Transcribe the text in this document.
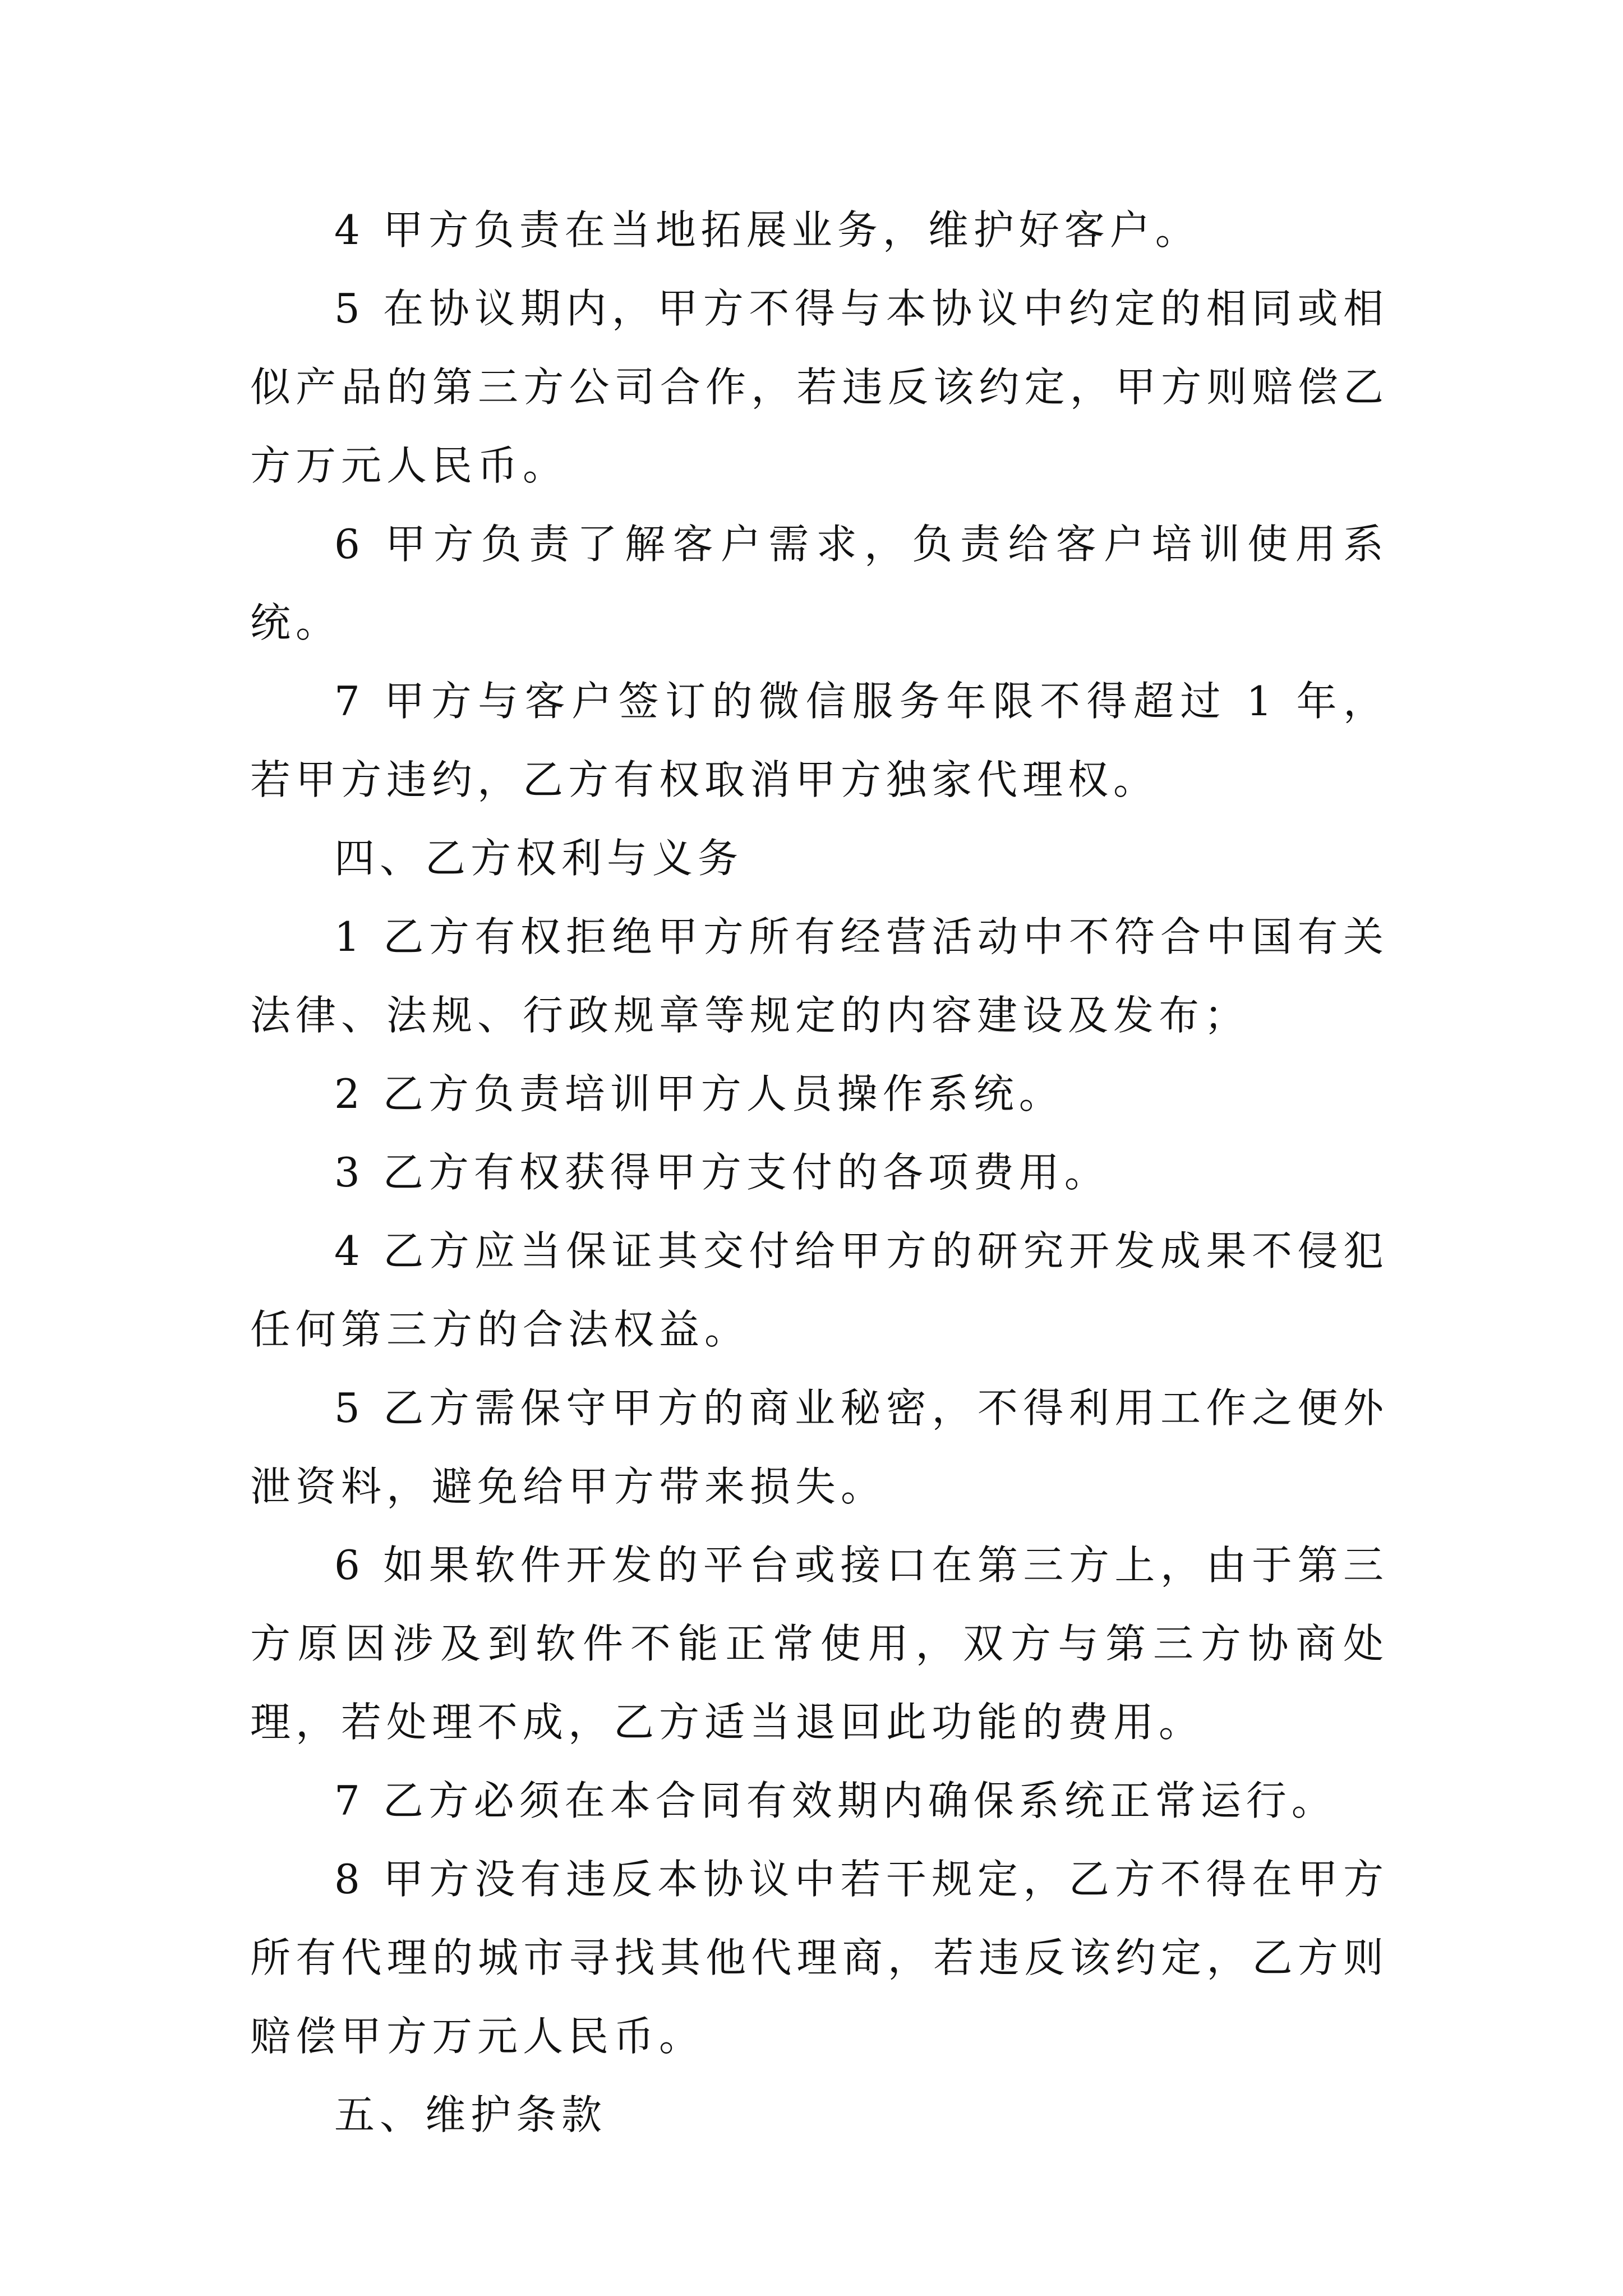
4 甲方负责在当地拓展业务，维护好客户。

5 在协议期内，甲方不得与本协议中约定的相同或相似产品的第三方公司合作，若违反该约定，甲方则赔偿乙方万元人民币。

6 甲方负责了解客户需求，负责给客户培训使用系统。

7 甲方与客户签订的微信服务年限不得超过 1 年，若甲方违约，乙方有权取消甲方独家代理权。

四、乙方权利与义务

1 乙方有权拒绝甲方所有经营活动中不符合中国有关法律、法规、行政规章等规定的内容建设及发布；

2 乙方负责培训甲方人员操作系统。

3 乙方有权获得甲方支付的各项费用。

4 乙方应当保证其交付给甲方的研究开发成果不侵犯任何第三方的合法权益。

5 乙方需保守甲方的商业秘密，不得利用工作之便外泄资料，避免给甲方带来损失。

6 如果软件开发的平台或接口在第三方上，由于第三方原因涉及到软件不能正常使用，双方与第三方协商处理，若处理不成，乙方适当退回此功能的费用。

7 乙方必须在本合同有效期内确保系统正常运行。

8 甲方没有违反本协议中若干规定，乙方不得在甲方所有代理的城市寻找其他代理商，若违反该约定，乙方则赔偿甲方万元人民币。

五、维护条款
